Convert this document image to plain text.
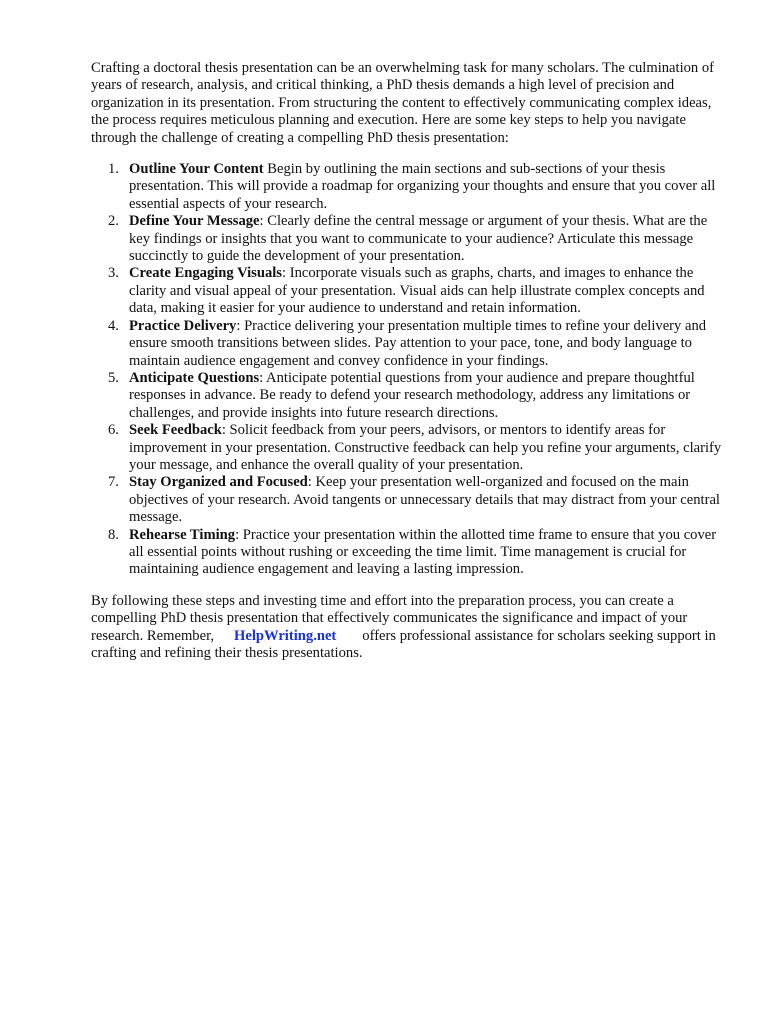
Crafting a doctoral thesis presentation can be an overwhelming task for many scholars. The culmination of years of research, analysis, and critical thinking, a PhD thesis demands a high level of precision and organization in its presentation. From structuring the content to effectively communicating complex ideas, the process requires meticulous planning and execution. Here are some key steps to help you navigate through the challenge of creating a compelling PhD thesis presentation:

1. Outline Your Content Begin by outlining the main sections and sub-sections of your thesis presentation. This will provide a roadmap for organizing your thoughts and ensure that you cover all essential aspects of your research.
2. Define Your Message: Clearly define the central message or argument of your thesis. What are the key findings or insights that you want to communicate to your audience? Articulate this message succinctly to guide the development of your presentation.
3. Create Engaging Visuals: Incorporate visuals such as graphs, charts, and images to enhance the clarity and visual appeal of your presentation. Visual aids can help illustrate complex concepts and data, making it easier for your audience to understand and retain information.
4. Practice Delivery: Practice delivering your presentation multiple times to refine your delivery and ensure smooth transitions between slides. Pay attention to your pace, tone, and body language to maintain audience engagement and convey confidence in your findings.
5. Anticipate Questions: Anticipate potential questions from your audience and prepare thoughtful responses in advance. Be ready to defend your research methodology, address any limitations or challenges, and provide insights into future research directions.
6. Seek Feedback: Solicit feedback from your peers, advisors, or mentors to identify areas for improvement in your presentation. Constructive feedback can help you refine your arguments, clarify your message, and enhance the overall quality of your presentation.
7. Stay Organized and Focused: Keep your presentation well-organized and focused on the main objectives of your research. Avoid tangents or unnecessary details that may distract from your central message.
8. Rehearse Timing: Practice your presentation within the allotted time frame to ensure that you cover all essential points without rushing or exceeding the time limit. Time management is crucial for maintaining audience engagement and leaving a lasting impression.

By following these steps and investing time and effort into the preparation process, you can create a compelling PhD thesis presentation that effectively communicates the significance and impact of your research. Remember, HelpWriting.net offers professional assistance for scholars seeking support in crafting and refining their thesis presentations.
